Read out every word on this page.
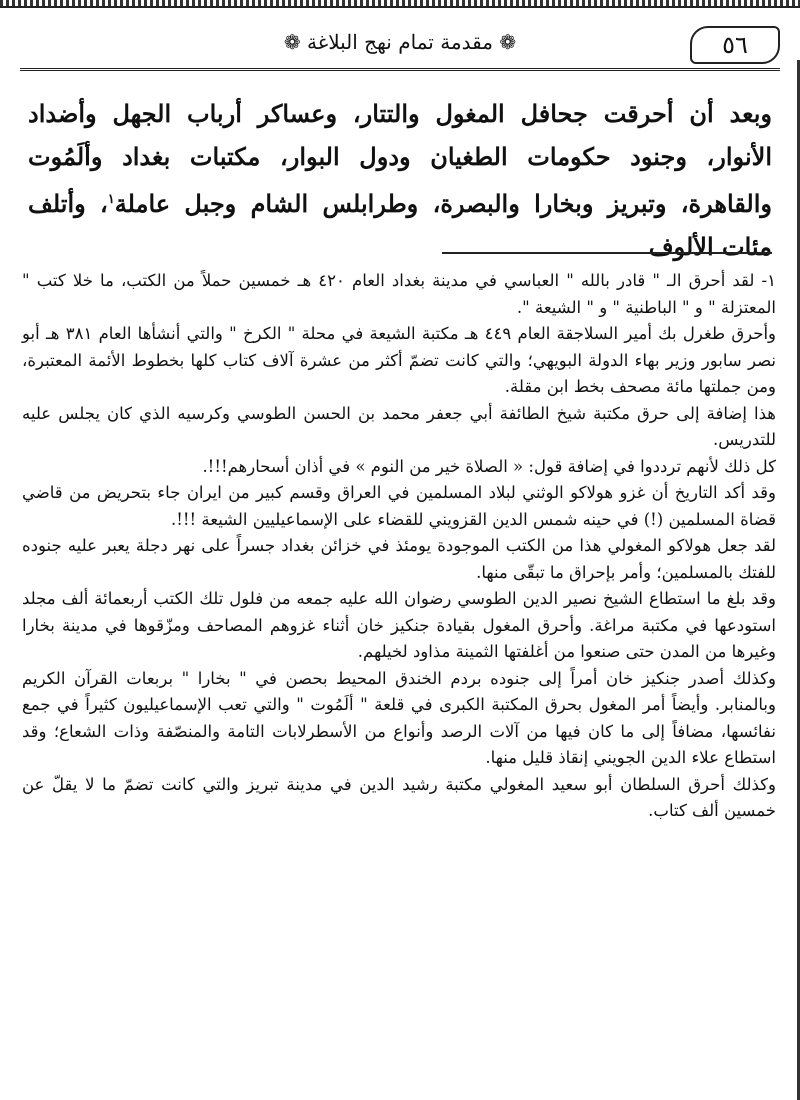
❁ مقدمة تمام نهج البلاغة ❁	٥٦

وبعد أن أحرقت جحافل المغول والتتار، وعساكر أرباب الجهل وأضداد الأنوار، وجنود حكومات الطغيان ودول البوار، مكتبات بغداد وألَمُوت والقاهرة، وتبريز وبخارا والبصرة، وطرابلس الشام وجبل عاملة$^١$، وأتلف مئات الألوف

١- لقد أحرق الـ " قادر بالله " العباسي في مدينة بغداد العام ٤٢٠ هـ خمسين حملاً من الكتب، ما خلا كتب " المعتزلة " و " الباطنية " و " الشيعة ".

وأحرق طغرل بك أمير السلاجقة العام ٤٤٩ هـ مكتبة الشيعة في محلة " الكرخ " والتي أنشأها العام ٣٨١ هـ أبو نصر سابور وزير بهاء الدولة البويهي؛ والتي كانت تضمّ أكثر من عشرة آلاف كتاب كلها بخطوط الأئمة المعتبرة، ومن جملتها مائة مصحف بخط ابن مقلة.

هذا إضافة إلى حرق مكتبة شيخ الطائفة أبي جعفر محمد بن الحسن الطوسي وكرسيه الذي كان يجلس عليه للتدريس.

كل ذلك لأنهم ترددوا في إضافة قول: « الصلاة خير من النوم » في أذان أسحارهم!!!.

وقد أكد التاريخ أن غزو هولاكو الوثني لبلاد المسلمين في العراق وقسم كبير من ايران جاء بتحريض من قاضي قضاة المسلمين (!) في حينه شمس الدين القزويني للقضاء على الإسماعيليين الشيعة !!!.

لقد جعل هولاكو المغولي هذا من الكتب الموجودة يومئذ في خزائن بغداد جسراً على نهر دجلة يعبر عليه جنوده للفتك بالمسلمين؛ وأمر بإحراق ما تبقّى منها.

وقد بلغ ما استطاع الشيخ نصير الدين الطوسي رضوان الله عليه جمعه من فلول تلك الكتب أربعمائة ألف مجلد استودعها في مكتبة مراغة. وأحرق المغول بقيادة جنكيز خان أثناء غزوهم المصاحف ومزّقوها في مدينة بخارا وغيرها من المدن حتى صنعوا من أغلفتها الثمينة مذاود لخيلهم.

وكذلك أصدر جنكيز خان أمراً إلى جنوده بردم الخندق المحيط بحصن في " بخارا " بربعات القرآن الكريم وبالمنابر. وأيضاً أمر المغول بحرق المكتبة الكبرى في قلعة " ألَمُوت " والتي تعب الإسماعيليون كثيراً في جمع نفائسها، مضافاً إلى ما كان فيها من آلات الرصد وأنواع من الأسطرلابات التامة والمنصّفة وذات الشعاع؛ وقد استطاع علاء الدين الجويني إنقاذ قليل منها.

وكذلك أحرق السلطان أبو سعيد المغولي مكتبة رشيد الدين في مدينة تبريز والتي كانت تضمّ ما لا يقلّ عن خمسين ألف كتاب.
